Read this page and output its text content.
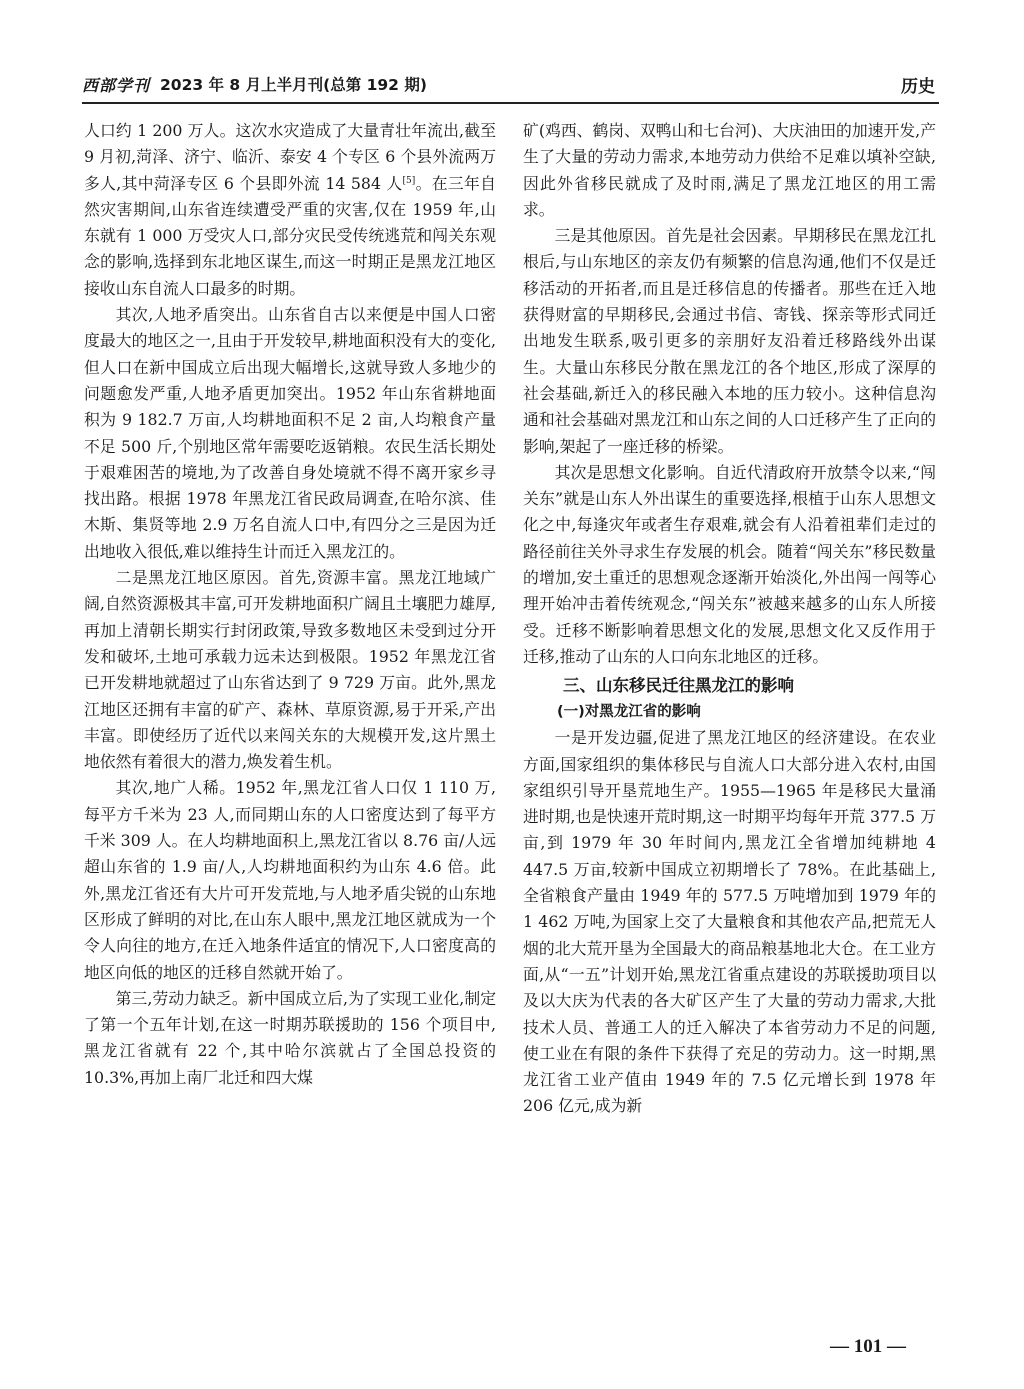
西部学刊 2023 年 8 月上半月刊(总第 192 期)	历史

人口约 1 200 万人。这次水灾造成了大量青壮年流出,截至 9 月初,菏泽、济宁、临沂、泰安 4 个专区 6 个县外流两万多人,其中菏泽专区 6 个县即外流 14 584 人[5]。在三年自然灾害期间,山东省连续遭受严重的灾害,仅在 1959 年,山东就有 1 000 万受灾人口,部分灾民受传统逃荒和闯关东观念的影响,选择到东北地区谋生,而这一时期正是黑龙江地区接收山东自流人口最多的时期。

其次,人地矛盾突出。山东省自古以来便是中国人口密度最大的地区之一,且由于开发较早,耕地面积没有大的变化,但人口在新中国成立后出现大幅增长,这就导致人多地少的问题愈发严重,人地矛盾更加突出。1952 年山东省耕地面积为 9 182.7 万亩,人均耕地面积不足 2 亩,人均粮食产量不足 500 斤,个别地区常年需要吃返销粮。农民生活长期处于艰难困苦的境地,为了改善自身处境就不得不离开家乡寻找出路。根据 1978 年黑龙江省民政局调查,在哈尔滨、佳木斯、集贤等地 2.9 万名自流人口中,有四分之三是因为迁出地收入很低,难以维持生计而迁入黑龙江的。

二是黑龙江地区原因。首先,资源丰富。黑龙江地域广阔,自然资源极其丰富,可开发耕地面积广阔且土壤肥力雄厚,再加上清朝长期实行封闭政策,导致多数地区未受到过分开发和破坏,土地可承载力远未达到极限。1952 年黑龙江省已开发耕地就超过了山东省达到了 9 729 万亩。此外,黑龙江地区还拥有丰富的矿产、森林、草原资源,易于开采,产出丰富。即使经历了近代以来闯关东的大规模开发,这片黑土地依然有着很大的潜力,焕发着生机。

其次,地广人稀。1952 年,黑龙江省人口仅 1 110 万,每平方千米为 23 人,而同期山东的人口密度达到了每平方千米 309 人。在人均耕地面积上,黑龙江省以 8.76 亩/人远超山东省的 1.9 亩/人,人均耕地面积约为山东 4.6 倍。此外,黑龙江省还有大片可开发荒地,与人地矛盾尖锐的山东地区形成了鲜明的对比,在山东人眼中,黑龙江地区就成为一个令人向往的地方,在迁入地条件适宜的情况下,人口密度高的地区向低的地区的迁移自然就开始了。

第三,劳动力缺乏。新中国成立后,为了实现工业化,制定了第一个五年计划,在这一时期苏联援助的 156 个项目中,黑龙江省就有 22 个,其中哈尔滨就占了全国总投资的 10.3%,再加上南厂北迁和四大煤

矿(鸡西、鹤岗、双鸭山和七台河)、大庆油田的加速开发,产生了大量的劳动力需求,本地劳动力供给不足难以填补空缺,因此外省移民就成了及时雨,满足了黑龙江地区的用工需求。

三是其他原因。首先是社会因素。早期移民在黑龙江扎根后,与山东地区的亲友仍有频繁的信息沟通,他们不仅是迁移活动的开拓者,而且是迁移信息的传播者。那些在迁入地获得财富的早期移民,会通过书信、寄钱、探亲等形式同迁出地发生联系,吸引更多的亲朋好友沿着迁移路线外出谋生。大量山东移民分散在黑龙江的各个地区,形成了深厚的社会基础,新迁入的移民融入本地的压力较小。这种信息沟通和社会基础对黑龙江和山东之间的人口迁移产生了正向的影响,架起了一座迁移的桥梁。

其次是思想文化影响。自近代清政府开放禁令以来,“闯关东”就是山东人外出谋生的重要选择,根植于山东人思想文化之中,每逢灾年或者生存艰难,就会有人沿着祖辈们走过的路径前往关外寻求生存发展的机会。随着“闯关东”移民数量的增加,安土重迁的思想观念逐渐开始淡化,外出闯一闯等心理开始冲击着传统观念,“闯关东”被越来越多的山东人所接受。迁移不断影响着思想文化的发展,思想文化又反作用于迁移,推动了山东的人口向东北地区的迁移。

三、山东移民迁往黑龙江的影响
(一)对黑龙江省的影响

一是开发边疆,促进了黑龙江地区的经济建设。在农业方面,国家组织的集体移民与自流人口大部分进入农村,由国家组织引导开垦荒地生产。1955—1965 年是移民大量涌进时期,也是快速开荒时期,这一时期平均每年开荒 377.5 万亩,到 1979 年 30 年时间内,黑龙江全省增加纯耕地 4 447.5 万亩,较新中国成立初期增长了 78%。在此基础上,全省粮食产量由 1949 年的 577.5 万吨增加到 1979 年的 1 462 万吨,为国家上交了大量粮食和其他农产品,把荒无人烟的北大荒开垦为全国最大的商品粮基地北大仓。在工业方面,从“一五”计划开始,黑龙江省重点建设的苏联援助项目以及以大庆为代表的各大矿区产生了大量的劳动力需求,大批技术人员、普通工人的迁入解决了本省劳动力不足的问题,使工业在有限的条件下获得了充足的劳动力。这一时期,黑龙江省工业产值由 1949 年的 7.5 亿元增长到 1978 年 206 亿元,成为新

— 101 —
